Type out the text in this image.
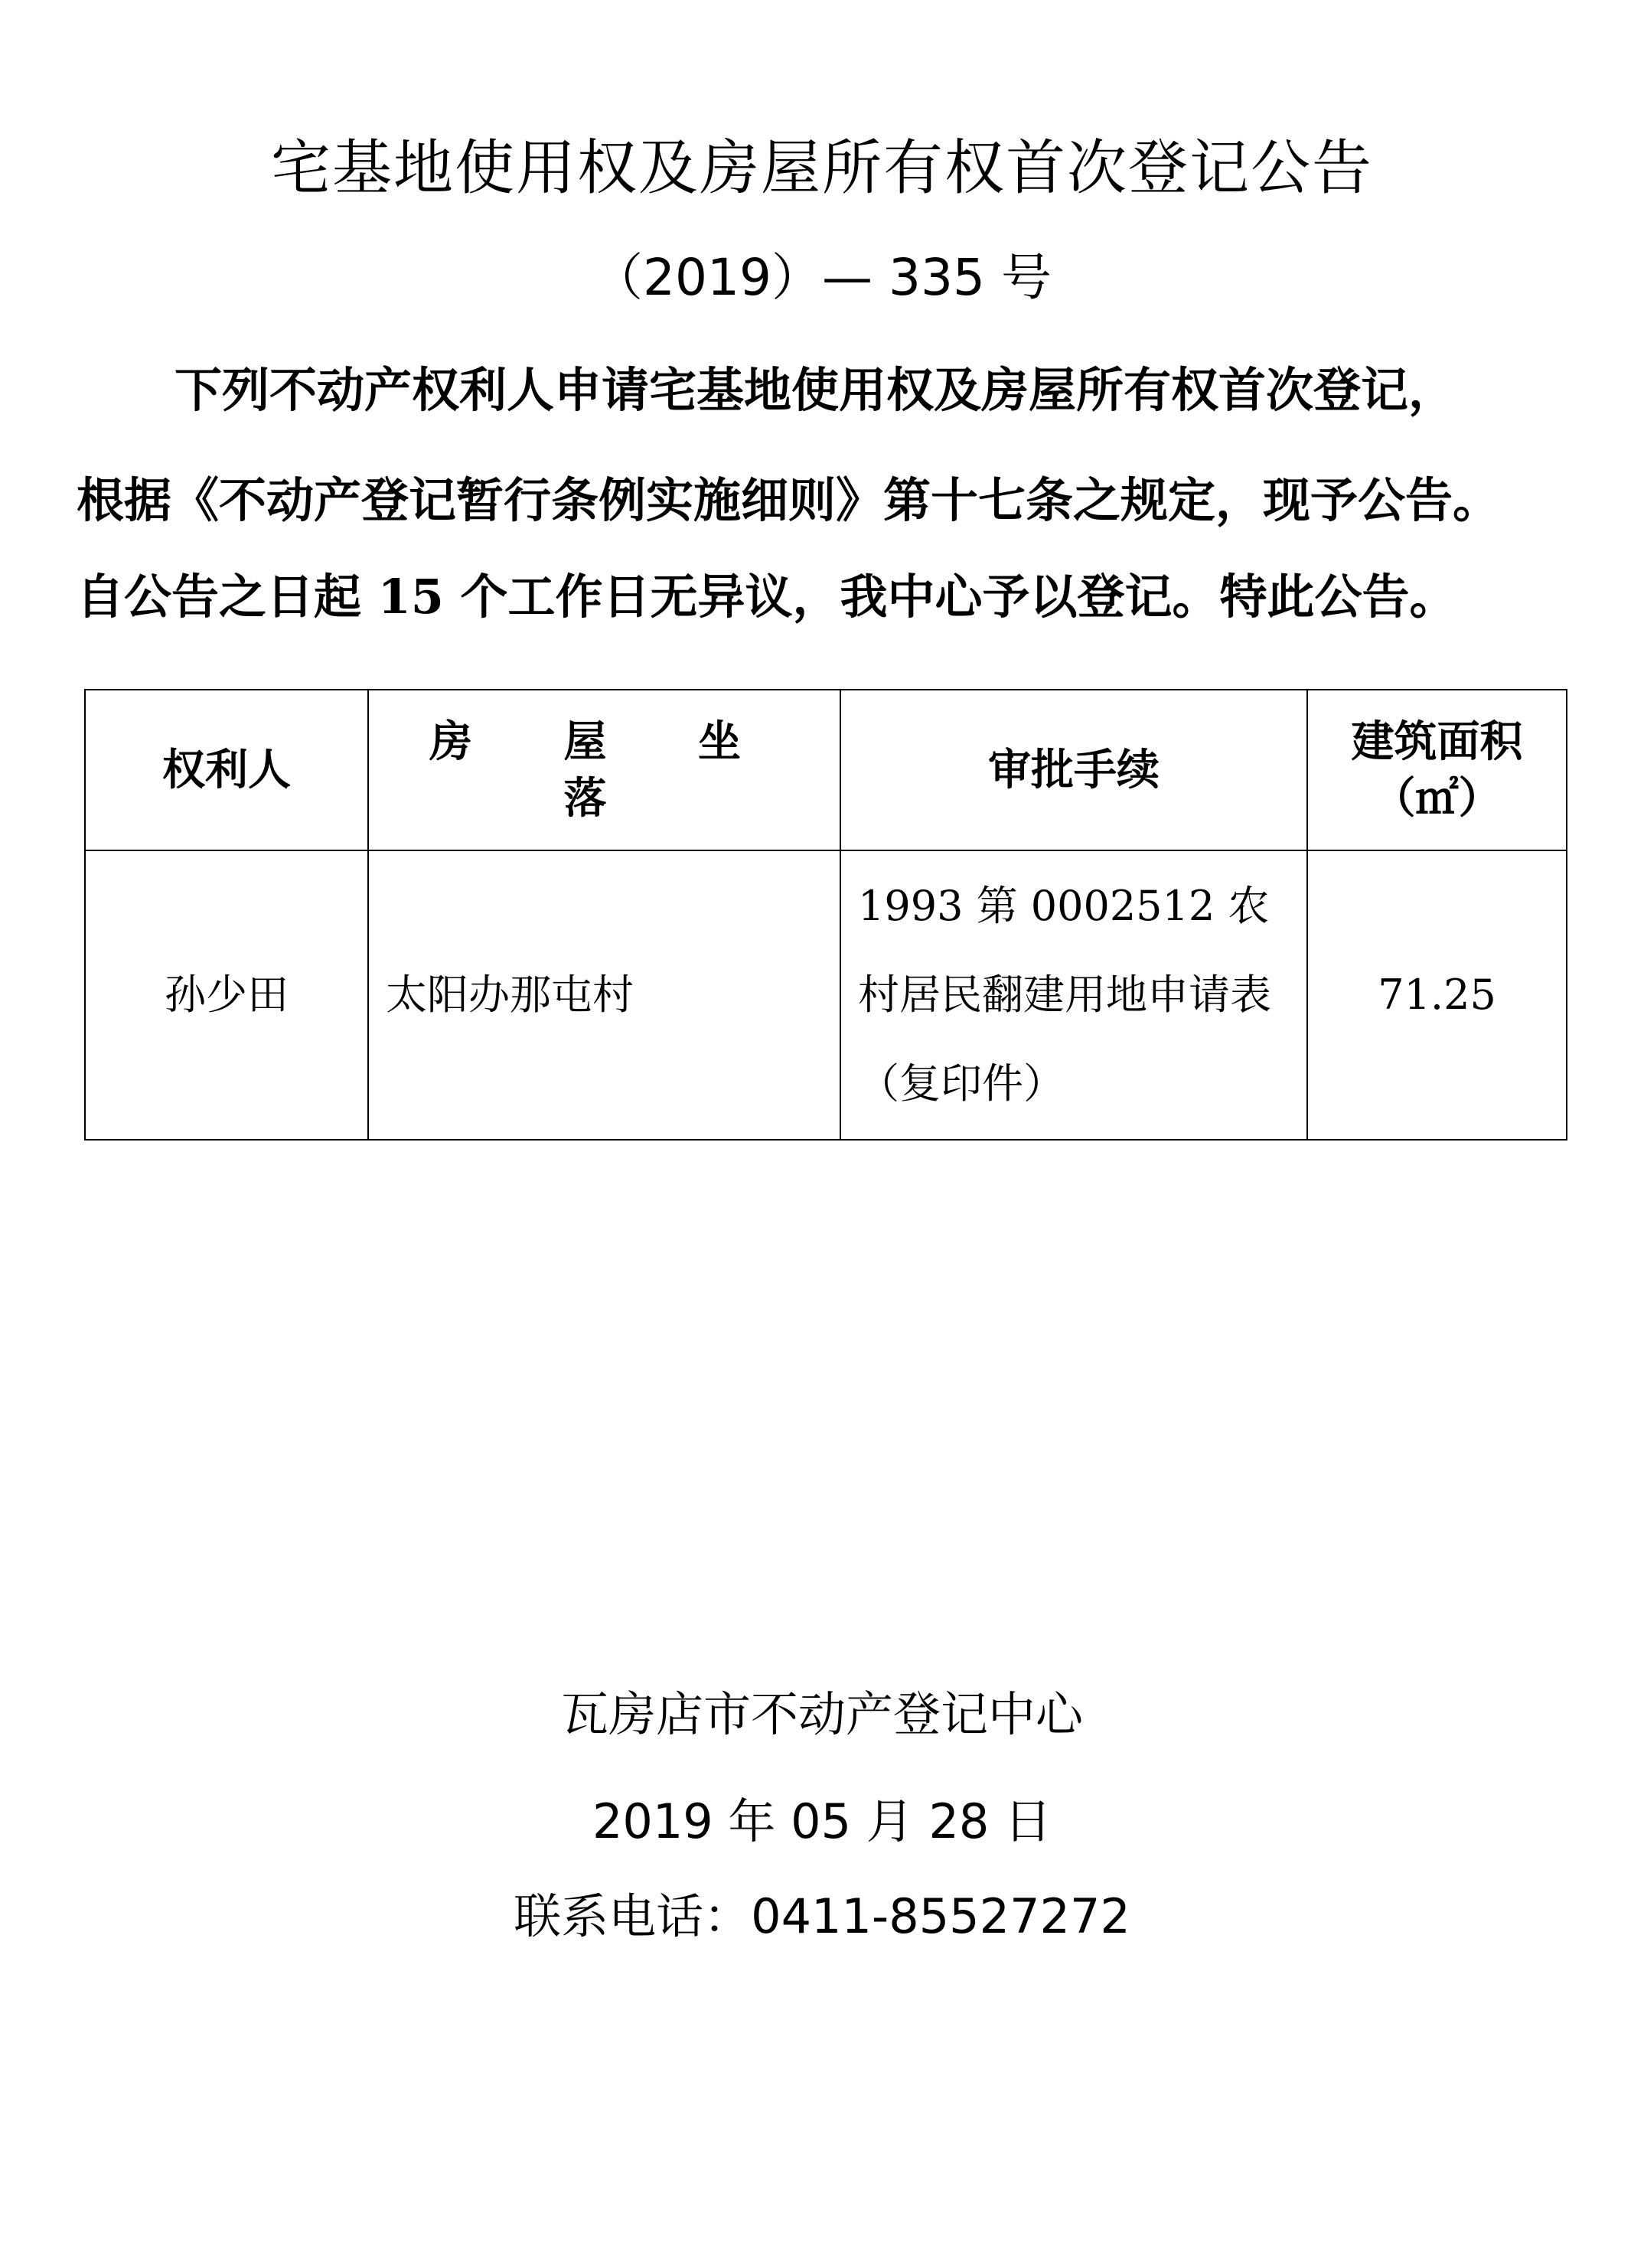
宅基地使用权及房屋所有权首次登记公告
（2019）— 335 号
下列不动产权利人申请宅基地使用权及房屋所有权首次登记，
根据《不动产登记暂行条例实施细则》第十七条之规定，现予公告。
自公告之日起 15 个工作日无异议，我中心予以登记。特此公告。
权利人	房 屋 坐 落	审批手续	建筑面积
（㎡）

孙少田	太阳办那屯村	1993 第 0002512 农村居民翻建用地申请表（复印件）	71.25
瓦房店市不动产登记中心
2019 年 05 月 28 日
联系电话：0411-85527272
